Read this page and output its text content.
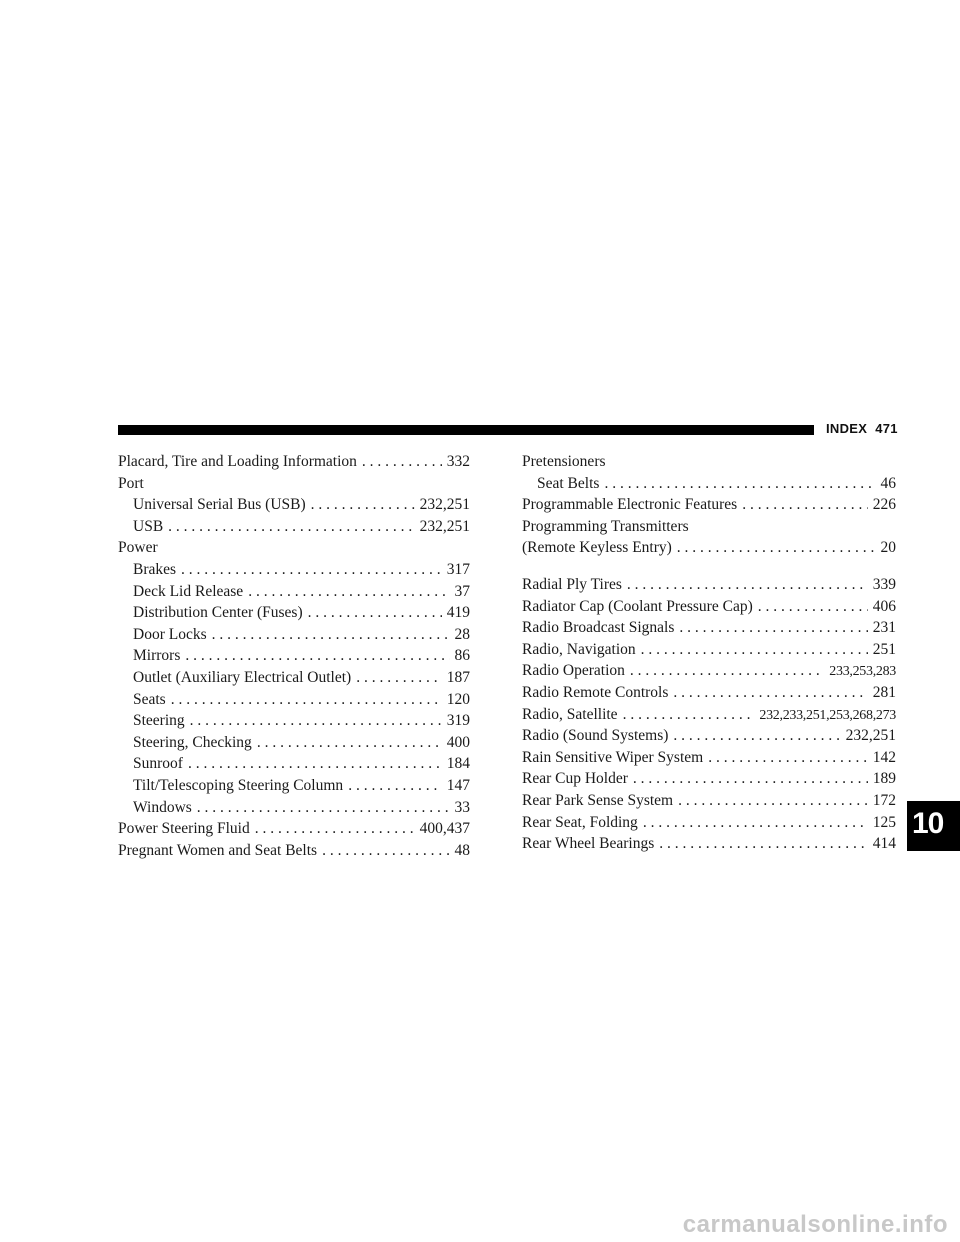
INDEX 471
Placard, Tire and Loading Information . . .	332
Port
Universal Serial Bus (USB) . . .	232,251
USB . . .	232,251
Power
Brakes . . .	317
Deck Lid Release . . .	37
Distribution Center (Fuses) . . .	419
Door Locks . . .	28
Mirrors . . .	86
Outlet (Auxiliary Electrical Outlet) . . .	187
Seats . . .	120
Steering . . .	319
Steering, Checking . . .	400
Sunroof . . .	184
Tilt/Telescoping Steering Column . . .	147
Windows . . .	33
Power Steering Fluid . . .	400,437
Pregnant Women and Seat Belts . . .	48
Pretensioners
Seat Belts . . .	46
Programmable Electronic Features . . .	226
Programming Transmitters
(Remote Keyless Entry) . . .	20
Radial Ply Tires . . .	339
Radiator Cap (Coolant Pressure Cap) . . .	406
Radio Broadcast Signals . . .	231
Radio, Navigation . . .	251
Radio Operation . . .	233,253,283
Radio Remote Controls . . .	281
Radio, Satellite . . .	232,233,251,253,268,273
Radio (Sound Systems) . . .	232,251
Rain Sensitive Wiper System . . .	142
Rear Cup Holder . . .	189
Rear Park Sense System . . .	172
Rear Seat, Folding . . .	125
Rear Wheel Bearings . . .	414
10
carmanualsonline.info
